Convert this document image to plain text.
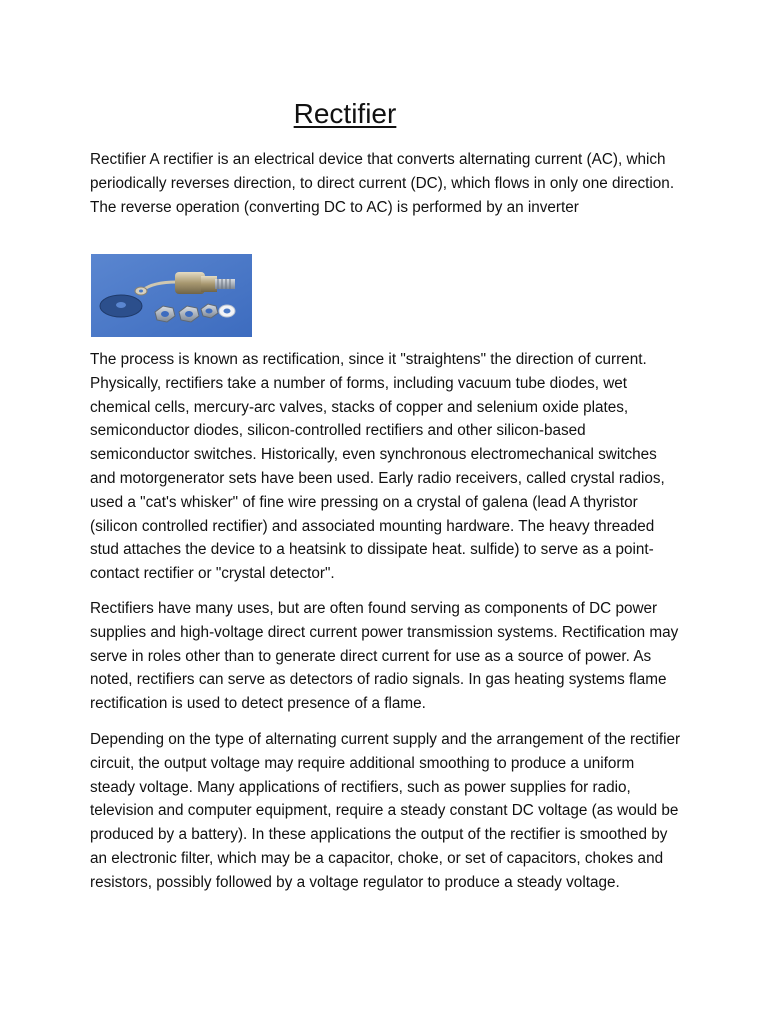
Rectifier

Rectifier A rectifier is an electrical device that converts alternating current (AC), which periodically reverses direction, to direct current (DC), which flows in only one direction. The reverse operation (converting DC to AC) is performed by an inverter

The process is known as rectification, since it "straightens" the direction of current. Physically, rectifiers take a number of forms, including vacuum tube diodes, wet chemical cells, mercury-arc valves, stacks of copper and selenium oxide plates, semiconductor diodes, silicon-controlled rectifiers and other silicon-based semiconductor switches. Historically, even synchronous electromechanical switches and motorgenerator sets have been used. Early radio receivers, called crystal radios, used a "cat's whisker" of fine wire pressing on a crystal of galena (lead A thyristor (silicon controlled rectifier) and associated mounting hardware. The heavy threaded stud attaches the device to a heatsink to dissipate heat. sulfide) to serve as a point-contact rectifier or "crystal detector".

Rectifiers have many uses, but are often found serving as components of DC power supplies and high-voltage direct current power transmission systems. Rectification may serve in roles other than to generate direct current for use as a source of power. As noted, rectifiers can serve as detectors of radio signals. In gas heating systems flame rectification is used to detect presence of a flame.

Depending on the type of alternating current supply and the arrangement of the rectifier circuit, the output voltage may require additional smoothing to produce a uniform steady voltage. Many applications of rectifiers, such as power supplies for radio, television and computer equipment, require a steady constant DC voltage (as would be produced by a battery). In these applications the output of the rectifier is smoothed by an electronic filter, which may be a capacitor, choke, or set of capacitors, chokes and resistors, possibly followed by a voltage regulator to produce a steady voltage.
